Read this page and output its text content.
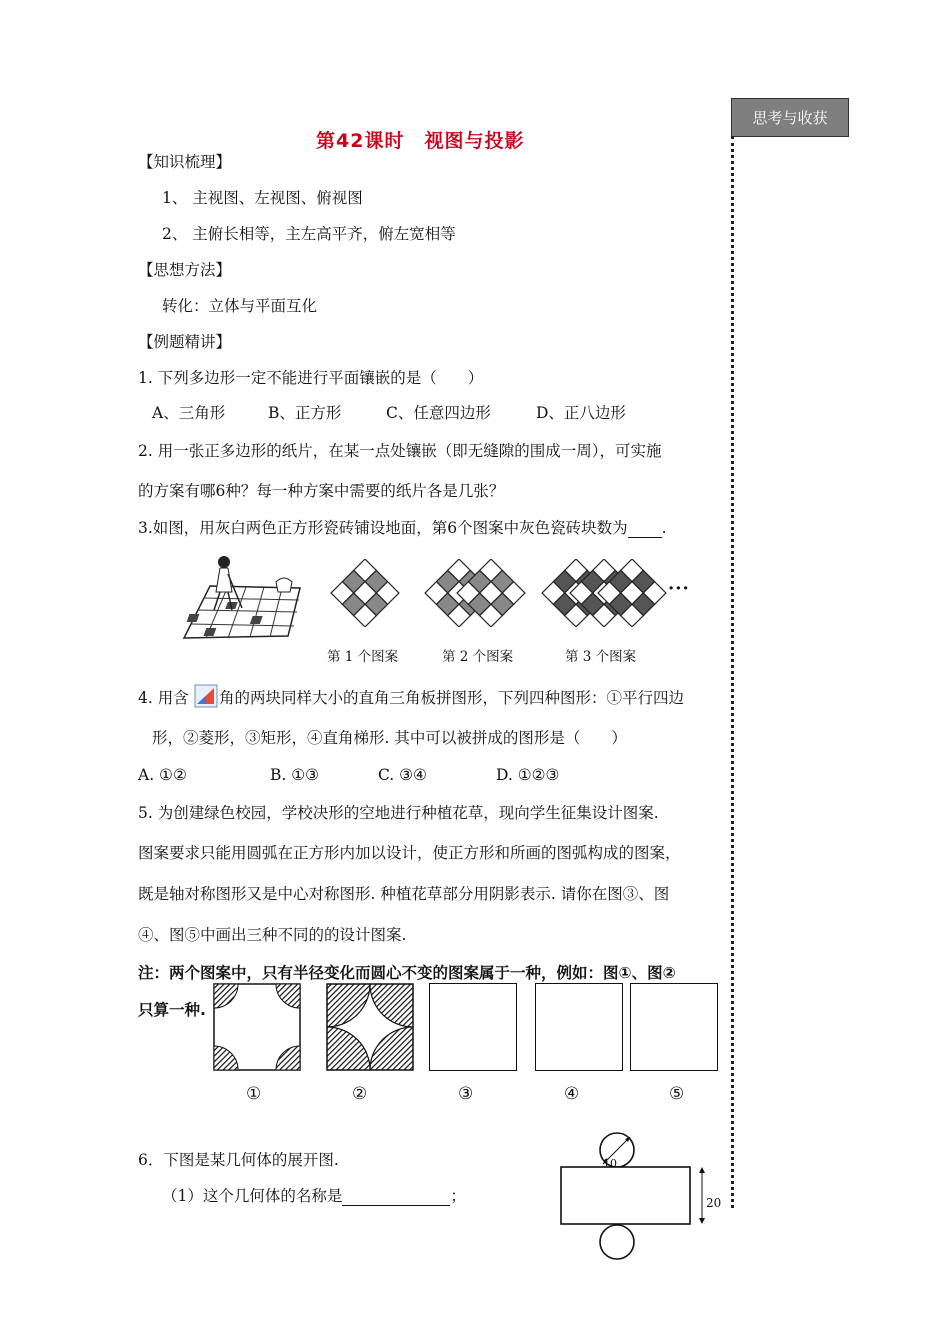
思考与收获
第42课时　视图与投影
【知识梳理】
1、 主视图、左视图、俯视图
2、 主俯长相等，主左高平齐，俯左宽相等
【思想方法】
转化：立体与平面互化
【例题精讲】
1. 下列多边形一定不能进行平面镶嵌的是（　　）
A、三角形	B、正方形	C、任意四边形	D、正八边形
2. 用一张正多边形的纸片，在某一点处镶嵌（即无缝隙的围成一周），可实施
的方案有哪6种？每一种方案中需要的纸片各是几张？
3.如图，用灰白两色正方形瓷砖铺设地面，第6个图案中灰色瓷砖块数为 .
···
第 1 个图案	第 2 个图案	第 3 个图案
4. 用含 角的两块同样大小的直角三角板拼图形，下列四种图形：①平行四边
形，②菱形，③矩形，④直角梯形. 其中可以被拼成的图形是（　　）
A. ①②	B. ①③	C. ③④	D. ①②③
5. 为创建绿色校园，学校决形的空地进行种植花草，现向学生征集设计图案.
图案要求只能用圆弧在正方形内加以设计，使正方形和所画的图弧构成的图案，
既是轴对称图形又是中心对称图形. 种植花草部分用阴影表示. 请你在图③、图
④、图⑤中画出三种不同的的设计图案.
注：两个图案中，只有半径变化而圆心不变的图案属于一种，例如：图①、图②
只算一种.
①	②	③	④	⑤
6．下图是某几何体的展开图.
（1）这个几何体的名称是	；
10
20
